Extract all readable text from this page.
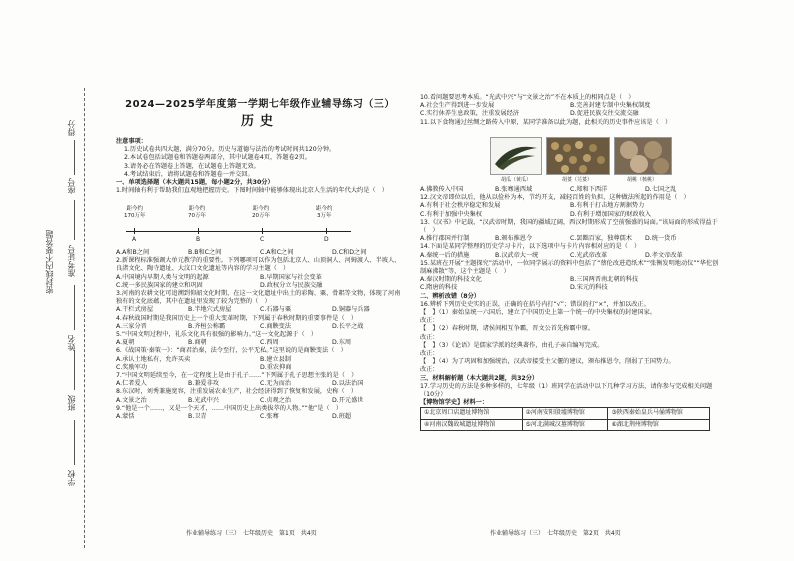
学校
班级
姓名
准考证号
座号
得分
密封线内不要答题
2024—2025学年度第一学期七年级作业辅导练习（三）
历史
注意事项：
1.历史试卷共四大题，满分70分。历史与道德与法治的考试时间共120分钟。
2.本试卷包括试题卷和答题卷两部分，其中试题卷4页，答题卷2页。
3.请务必在答题卷上答题，在试题卷上答题无效。
4.考试结束后，请将试题卷和答题卷一并交回。
一、单项选择题（本大题共15题，每小题2分，共30分）
1.时间轴有利于帮助我们直观地把握历史。下图时间轴中能够体现出北京人生活的年代大约是（　）
距今约
170万年
距今约
70万年
距今约
20万年
距今约
3万年
A	B	C	D
A.A和B之间	B.B和C之间	C.A和C之间	D.C和D之间
2.新课程标准强调大单元教学的重要性。下列哪项可以作为包括北京人、山顶洞人、河姆渡人、半坡人、良渚文化、陶寺遗址、大汶口文化遗址等内容的学习主题（　）
A.中国境内早期人类与文明的起源	B.早期国家与社会变革
C.统一多民族国家的建立和巩固	D.政权分立与民族交融
3.河南的农耕文化可追溯到仰韶文化时期，在这一文化遗址中出土的彩陶、粟、骨耜等文物，体现了河南独有的文化底蕴，其中在遗址里发现了较为完整的（　）
A.干栏式房屋	B.半地穴式房屋	C.石器与粟	D.铜器与兵器
4.春秋战国时期是我国历史上一个重大变革时期，下列属于春秋时期的重要事件是（　）
A.三家分晋	B.齐桓公称霸	C.商鞅变法	D.长平之战
5.“中国文明过程中，礼乐文化具有很强的影响力。”这一文化起源于（　）
A.夏朝	B.商朝	C.西周	D.东周
6.《战国策·秦策一》：“商君治秦，法令至行，公平无私。”这里说的是商鞅变法（　）
A.承认土地私有，允许买卖	B.建立县制
C.奖励军功	D.重农抑商
7.“中国文明延续至今，在一定程度上是由于孔子……”下列属于孔子思想主张的是（　）
A.仁者爱人	B.兼爱非攻	C.无为而治	D.以法治国
8.东汉时，刘秀兼施宽容，注重发展农业生产，社会经济得到了恢复和发展，史称（　）
A.文景之治	B.光武中兴	C.贞观之治	D.开元盛世
9.“他是一个……，又是一个天才，……中国历史上出类拔萃的人物。”“他”是（　）
A.蒙恬	B.卫青	C.张骞	D.班超
作业辅导练习（三）　七年级历史　第1页　共4页
10.看问题要思考本质。“光武中兴”与“文景之治”不在本质上的相同点是（　）
A.社会生产得到进一步发展	B.完善封建专制中央集权制度
C.实行休养生息政策，注重发展经济	D.促进民族交往交流交融
11.以下食物通过丝绸之路传入中原，某同学准备以此为题，此相关的历史事件应该是（　）
胡瓜（黄瓜）	胡荽（芫荽）	胡桃（核桃）
A.佛教传入中国	B.张骞通西域	C.郑和下西洋	D.七国之乱
12.汉文帝即位以后，他从以俭朴为本，节约开支，减轻百姓的负担，这种做法所起的作用是（　）
A.有利于社会秩序稳定和发展	B.有利于打击地方割据势力
C.有利于加强中央集权	D.有利于增加国家的财政收入
13.《汉书》中记载，“汉武帝时期，我国的疆域辽阔，西汉时期形成了空前强盛的局面。”该局面的形成得益于（　）
A.推行郡国并行制	B.颁布推恩令	C.罢黜百家，独尊儒术	D.统一货币
14.下面是某同学整理的历史学习卡片，以下选项中与卡片内容相对应的是（　）
A.秦统一后的措施	B.汉武帝大一统	C.光武帝改革	D.孝文帝改革
15.某班在开展“主题探究”活动中，一位同学展示的资料中包括了“蔡伦改进造纸术”“张衡发明地动仪”“华佗创制麻沸散”等，这个主题是（　）
A.秦汉时期的科技文化	B.三国两晋南北朝的科技
C.隋唐的科技	D.宋元的科技
二、辨析改错（8分）
16.辨析下列历史史实的正误，正确的在括号内打“√”；错误的打“×”，并加以改正。
【　】（1）秦始皇统一六国后，建立了中国历史上第一个统一的中央集权的封建国家。
改正：
【　】（2）春秋时期，诸侯间相互争霸，晋文公首先称霸中原。
改正：
【　】（3）《论语》是儒家学派的经典著作，由孔子亲自编写完成。
改正：
【　】（4）为了巩固和加强统治，汉武帝接受主父偃的建议，颁布推恩令，削弱了王国势力。
改正：
三、材料解析题（本大题共2题，共32分）
17.学习历史的方法是多种多样的，七年级（1）班同学在活动中以下几种学习方法，请你参与完成相关问题（10分）
【博物馆学史】材料一：
①北京周口店遗址博物馆	②河南安阳殷墟博物馆	③陕西秦始皇兵马俑博物馆
④河南汉魏故城遗址博物馆	⑤河北满城汉墓博物馆	⑥湖北荆州博物馆
作业辅导练习（三）　七年级历史　第2页　共4页
